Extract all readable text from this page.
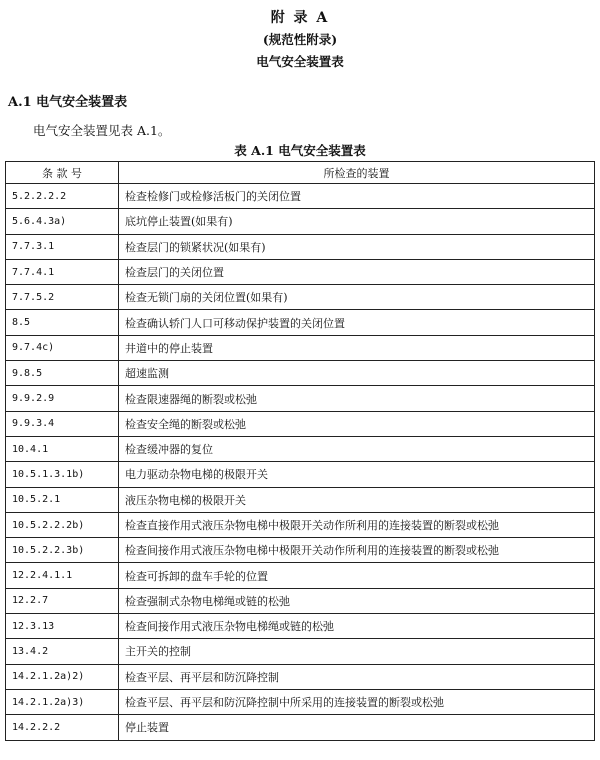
附 录 A
(规范性附录)
电气安全装置表
A.1 电气安全装置表
电气安全装置见表 A.1。
表 A.1 电气安全装置表
条 款 号	所检查的装置
5.2.2.2.2	检查检修门或检修活板门的关闭位置
5.6.4.3a)	底坑停止装置(如果有)
7.7.3.1	检查层门的锁紧状况(如果有)
7.7.4.1	检查层门的关闭位置
7.7.5.2	检查无锁门扇的关闭位置(如果有)
8.5	检查确认轿门人口可移动保护装置的关闭位置
9.7.4c)	井道中的停止装置
9.8.5	超速监测
9.9.2.9	检查限速器绳的断裂或松弛
9.9.3.4	检查安全绳的断裂或松弛
10.4.1	检查缓冲器的复位
10.5.1.3.1b)	电力驱动杂物电梯的极限开关
10.5.2.1	液压杂物电梯的极限开关
10.5.2.2.2b)	检查直接作用式液压杂物电梯中极限开关动作所利用的连接装置的断裂或松弛
10.5.2.2.3b)	检查间接作用式液压杂物电梯中极限开关动作所利用的连接装置的断裂或松弛
12.2.4.1.1	检查可拆卸的盘车手轮的位置
12.2.7	检查强制式杂物电梯绳或链的松弛
12.3.13	检查间接作用式液压杂物电梯绳或链的松弛
13.4.2	主开关的控制
14.2.1.2a)2)	检查平层、再平层和防沉降控制
14.2.1.2a)3)	检查平层、再平层和防沉降控制中所采用的连接装置的断裂或松弛
14.2.2.2	停止装置
